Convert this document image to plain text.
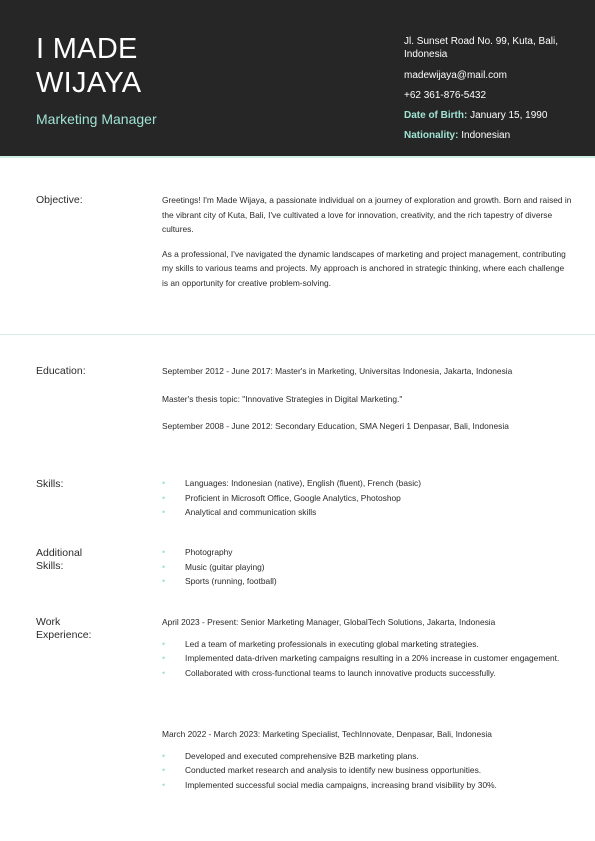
I MADE
WIJAYA
Marketing Manager
Jl. Sunset Road No. 99, Kuta, Bali, Indonesia
madewijaya@mail.com
+62 361-876-5432
Date of Birth: January 15, 1990
Nationality: Indonesian
Objective:	Greetings! I'm Made Wijaya, a passionate individual on a journey of exploration and growth. Born and raised in the vibrant city of Kuta, Bali, I've cultivated a love for innovation, creativity, and the rich tapestry of diverse cultures.

As a professional, I've navigated the dynamic landscapes of marketing and project management, contributing my skills to various teams and projects. My approach is anchored in strategic thinking, where each challenge is an opportunity for creative problem-solving.

Education:	September 2012 - June 2017: Master's in Marketing, Universitas Indonesia, Jakarta, Indonesia
Master's thesis topic: "Innovative Strategies in Digital Marketing."
September 2008 - June 2012: Secondary Education, SMA Negeri 1 Denpasar, Bali, Indonesia
Skills:	• Languages: Indonesian (native), English (fluent), French (basic)
• Proficient in Microsoft Office, Google Analytics, Photoshop
• Analytical and communication skills
Additional
Skills:
• Photography
• Music (guitar playing)
• Sports (running, football)
Work
Experience:
April 2023 - Present: Senior Marketing Manager, GlobalTech Solutions, Jakarta, Indonesia
• Led a team of marketing professionals in executing global marketing strategies.
• Implemented data-driven marketing campaigns resulting in a 20% increase in customer engagement.
• Collaborated with cross-functional teams to launch innovative products successfully.
March 2022 - March 2023: Marketing Specialist, TechInnovate, Denpasar, Bali, Indonesia
• Developed and executed comprehensive B2B marketing plans.
• Conducted market research and analysis to identify new business opportunities.
• Implemented successful social media campaigns, increasing brand visibility by 30%.
